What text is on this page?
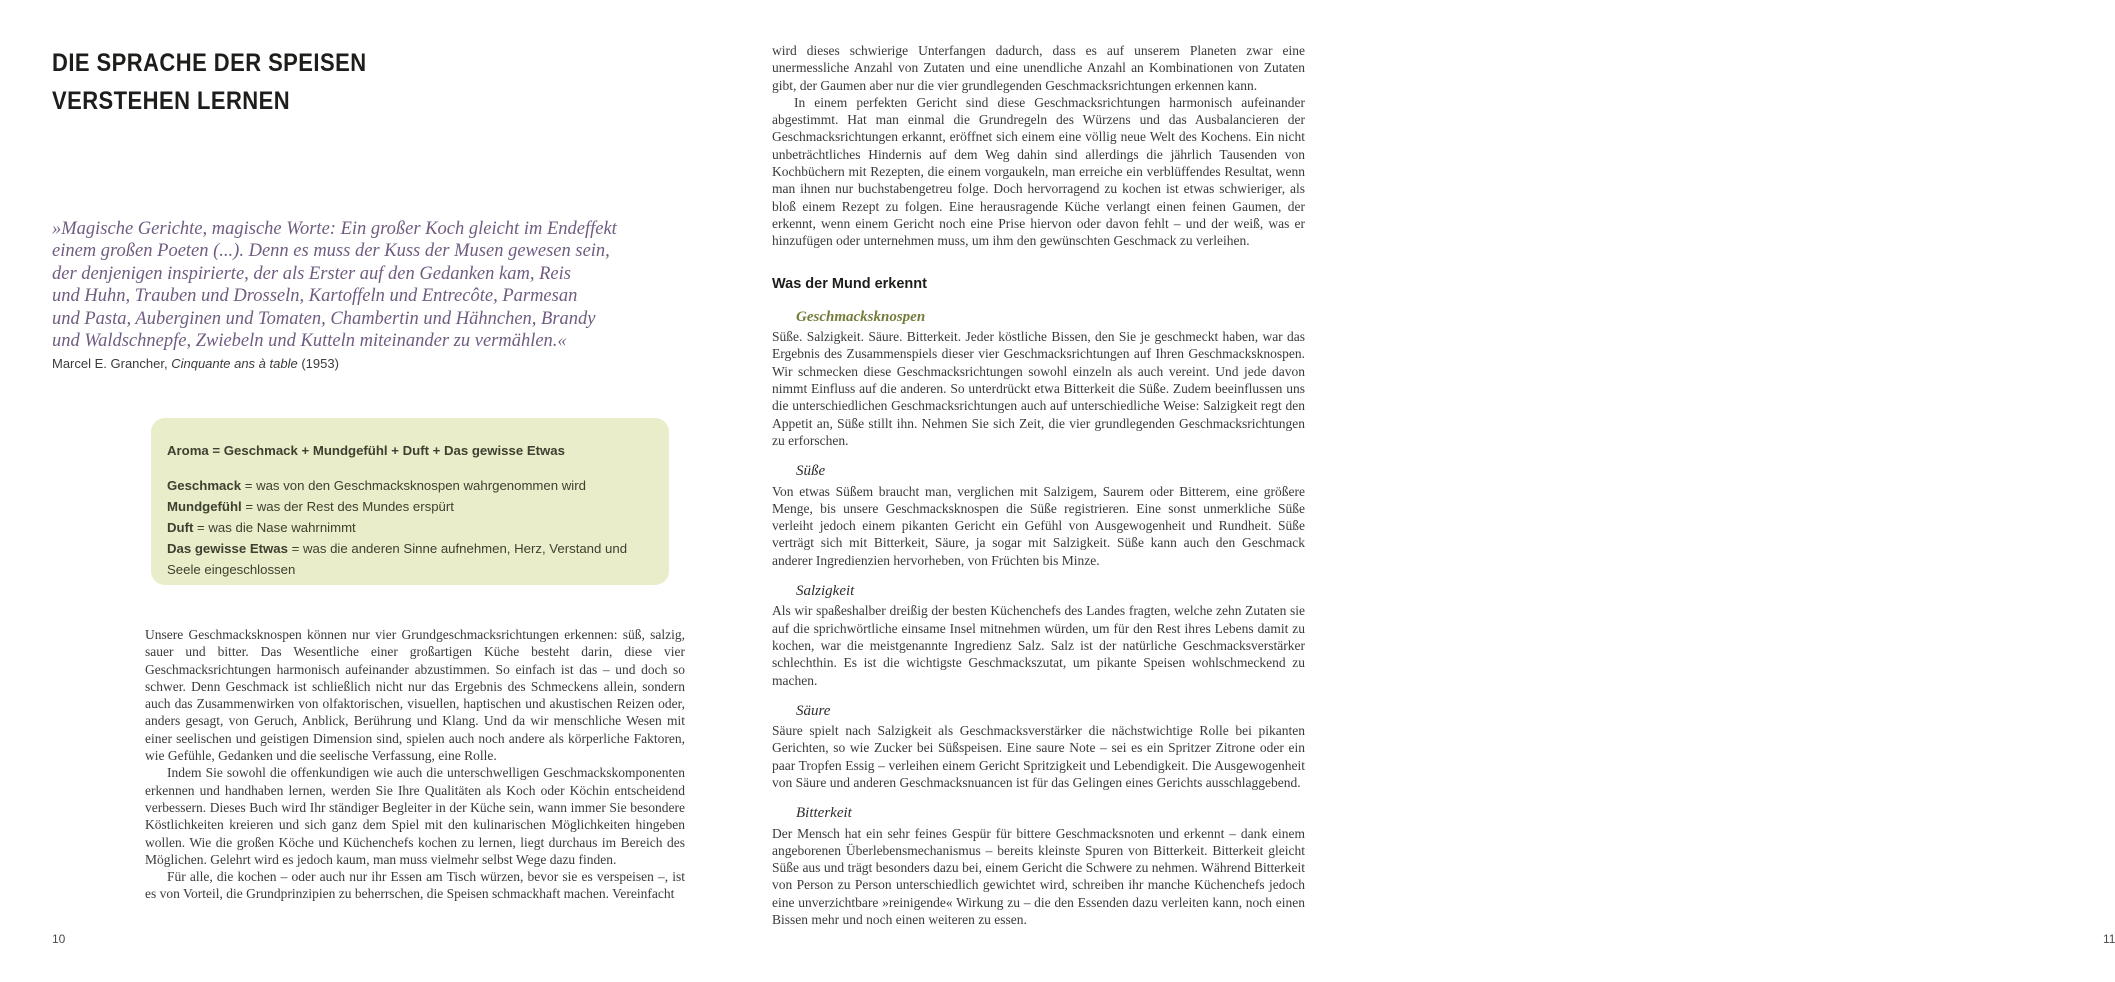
DIE SPRACHE DER SPEISEN
VERSTEHEN LERNEN
»Magische Gerichte, magische Worte: Ein großer Koch gleicht im Endeffekt
einem großen Poeten (...). Denn es muss der Kuss der Musen gewesen sein,
der denjenigen inspirierte, der als Erster auf den Gedanken kam, Reis
und Huhn, Trauben und Drosseln, Kartoffeln und Entrecôte, Parmesan
und Pasta, Auberginen und Tomaten, Chambertin und Hähnchen, Brandy
und Waldschnepfe, Zwiebeln und Kutteln miteinander zu vermählen.«
Marcel E. Grancher, Cinquante ans à table (1953)
Aroma = Geschmack + Mundgefühl + Duft + Das gewisse Etwas
Geschmack = was von den Geschmacksknospen wahrgenommen wird
Mundgefühl = was der Rest des Mundes erspürt
Duft = was die Nase wahrnimmt
Das gewisse Etwas = was die anderen Sinne aufnehmen, Herz, Verstand und Seele eingeschlossen

Unsere Geschmacksknospen können nur vier Grundgeschmacksrichtungen erkennen: süß, salzig, sauer und bitter. Das Wesentliche einer großartigen Küche besteht darin, diese vier Geschmacksrichtungen harmonisch aufeinander abzustimmen. So einfach ist das – und doch so schwer. Denn Geschmack ist schließlich nicht nur das Ergebnis des Schmeckens allein, sondern auch das Zusammenwirken von olfaktorischen, visuellen, haptischen und akustischen Reizen oder, anders gesagt, von Geruch, Anblick, Berührung und Klang. Und da wir menschliche Wesen mit einer seelischen und geistigen Dimension sind, spielen auch noch andere als körperliche Faktoren, wie Gefühle, Gedanken und die seelische Verfassung, eine Rolle.

Indem Sie sowohl die offenkundigen wie auch die unterschwelligen Geschmackskomponenten erkennen und handhaben lernen, werden Sie Ihre Qualitäten als Koch oder Köchin entscheidend verbessern. Dieses Buch wird Ihr ständiger Begleiter in der Küche sein, wann immer Sie besondere Köstlichkeiten kreieren und sich ganz dem Spiel mit den kulinarischen Möglichkeiten hingeben wollen. Wie die großen Köche und Küchenchefs kochen zu lernen, liegt durchaus im Bereich des Möglichen. Gelehrt wird es jedoch kaum, man muss vielmehr selbst Wege dazu finden.

Für alle, die kochen – oder auch nur ihr Essen am Tisch würzen, bevor sie es verspeisen –, ist es von Vorteil, die Grundprinzipien zu beherrschen, die Speisen schmackhaft machen. Vereinfacht

10

wird dieses schwierige Unterfangen dadurch, dass es auf unserem Planeten zwar eine unermessliche Anzahl von Zutaten und eine unendliche Anzahl an Kombinationen von Zutaten gibt, der Gaumen aber nur die vier grundlegenden Geschmacksrichtungen erkennen kann.

In einem perfekten Gericht sind diese Geschmacksrichtungen harmonisch aufeinander abgestimmt. Hat man einmal die Grundregeln des Würzens und das Ausbalancieren der Geschmacksrichtungen erkannt, eröffnet sich einem eine völlig neue Welt des Kochens. Ein nicht unbeträchtliches Hindernis auf dem Weg dahin sind allerdings die jährlich Tausenden von Kochbüchern mit Rezepten, die einem vorgaukeln, man erreiche ein verblüffendes Resultat, wenn man ihnen nur buchstabengetreu folge. Doch hervorragend zu kochen ist etwas schwieriger, als bloß einem Rezept zu folgen. Eine herausragende Küche verlangt einen feinen Gaumen, der erkennt, wenn einem Gericht noch eine Prise hiervon oder davon fehlt – und der weiß, was er hinzufügen oder unternehmen muss, um ihm den gewünschten Geschmack zu verleihen.

Was der Mund erkennt
Geschmacksknospen

Süße. Salzigkeit. Säure. Bitterkeit. Jeder köstliche Bissen, den Sie je geschmeckt haben, war das Ergebnis des Zusammenspiels dieser vier Geschmacksrichtungen auf Ihren Geschmacksknospen. Wir schmecken diese Geschmacksrichtungen sowohl einzeln als auch vereint. Und jede davon nimmt Einfluss auf die anderen. So unterdrückt etwa Bitterkeit die Süße. Zudem beeinflussen uns die unterschiedlichen Geschmacksrichtungen auch auf unterschiedliche Weise: Salzigkeit regt den Appetit an, Süße stillt ihn. Nehmen Sie sich Zeit, die vier grundlegenden Geschmacksrichtungen zu erforschen.

Süße

Von etwas Süßem braucht man, verglichen mit Salzigem, Saurem oder Bitterem, eine größere Menge, bis unsere Geschmacksknospen die Süße registrieren. Eine sonst unmerkliche Süße verleiht jedoch einem pikanten Gericht ein Gefühl von Ausgewogenheit und Rundheit. Süße verträgt sich mit Bitterkeit, Säure, ja sogar mit Salzigkeit. Süße kann auch den Geschmack anderer Ingredienzien hervorheben, von Früchten bis Minze.

Salzigkeit

Als wir spaßeshalber dreißig der besten Küchenchefs des Landes fragten, welche zehn Zutaten sie auf die sprichwörtliche einsame Insel mitnehmen würden, um für den Rest ihres Lebens damit zu kochen, war die meistgenannte Ingredienz Salz. Salz ist der natürliche Geschmacksverstärker schlechthin. Es ist die wichtigste Geschmackszutat, um pikante Speisen wohlschmeckend zu machen.

Säure

Säure spielt nach Salzigkeit als Geschmacksverstärker die nächstwichtige Rolle bei pikanten Gerichten, so wie Zucker bei Süßspeisen. Eine saure Note – sei es ein Spritzer Zitrone oder ein paar Tropfen Essig – verleihen einem Gericht Spritzigkeit und Lebendigkeit. Die Ausgewogenheit von Säure und anderen Geschmacksnuancen ist für das Gelingen eines Gerichts ausschlaggebend.

Bitterkeit

Der Mensch hat ein sehr feines Gespür für bittere Geschmacksnoten und erkennt – dank einem angeborenen Überlebensmechanismus – bereits kleinste Spuren von Bitterkeit. Bitterkeit gleicht Süße aus und trägt besonders dazu bei, einem Gericht die Schwere zu nehmen. Während Bitterkeit von Person zu Person unterschiedlich gewichtet wird, schreiben ihr manche Küchenchefs jedoch eine unverzichtbare »reinigende« Wirkung zu – die den Essenden dazu verleiten kann, noch einen Bissen mehr und noch einen weiteren zu essen.

11
